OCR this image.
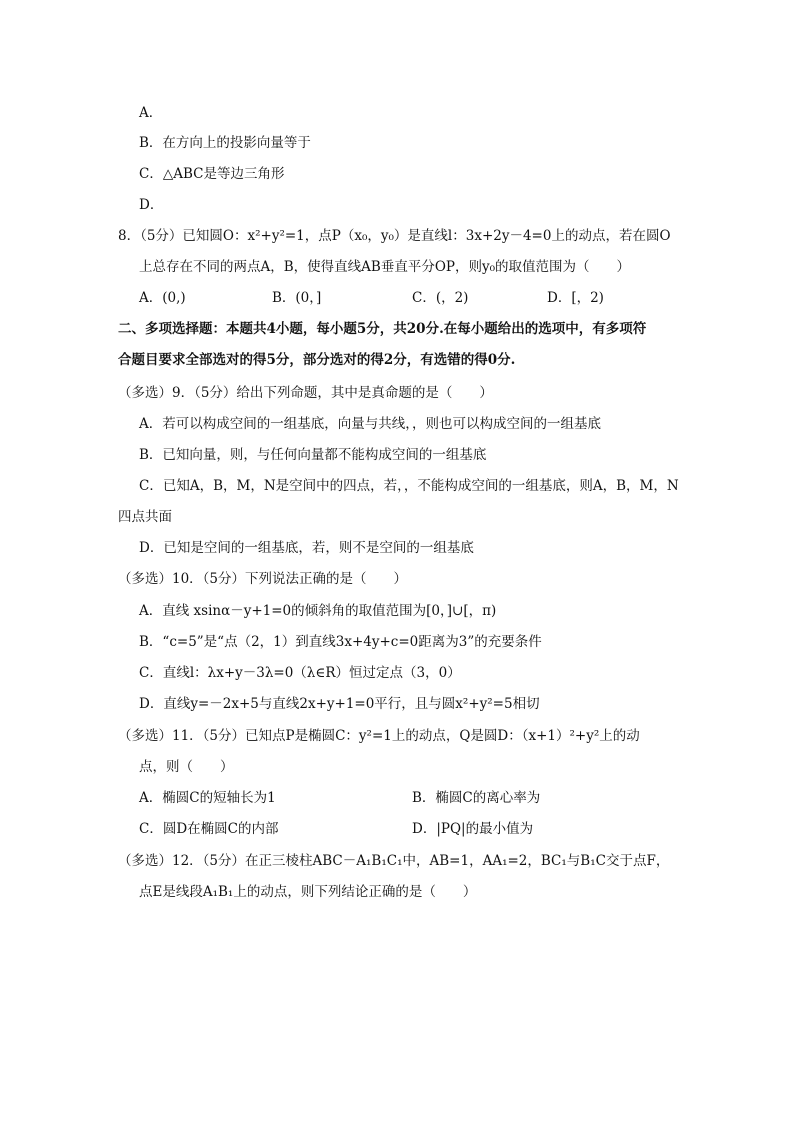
A．
B．在方向上的投影向量等于
C．△ABC是等边三角形
D．
8．（5分）已知圆O：x²+y²=1，点P（x₀，y₀）是直线l：3x+2y－4=0上的动点，若在圆O
上总存在不同的两点A，B，使得直线AB垂直平分OP，则y₀的取值范围为（　　）
A．(0,)	B．(0，]	C．(，2)	D．[，2)
二、多项选择题：本题共4小题，每小题5分，共20分.在每小题给出的选项中，有多项符
合题目要求全部选对的得5分，部分选对的得2分，有选错的得0分.
（多选）9．（5分）给出下列命题，其中是真命题的是（　　）
A．若可以构成空间的一组基底，向量与共线，，则也可以构成空间的一组基底
B．已知向量，则，与任何向量都不能构成空间的一组基底
C．已知A，B，M，N是空间中的四点，若，，不能构成空间的一组基底，则A，B，M，N
四点共面
D．已知是空间的一组基底，若，则不是空间的一组基底
（多选）10．（5分）下列说法正确的是（　　）
A．直线 xsinα－y+1=0的倾斜角的取值范围为[0，]∪[，π)
B．“c=5”是“点（2，1）到直线3x+4y+c=0距离为3”的充要条件
C．直线l：λx+y－3λ=0（λ∈R）恒过定点（3，0）
D．直线y=－2x+5与直线2x+y+1=0平行，且与圆x²+y²=5相切
（多选）11．（5分）已知点P是椭圆C：y²=1上的动点，Q是圆D：（x+1）²+y²上的动
点，则（　　）
A．椭圆C的短轴长为1	B．椭圆C的离心率为
C．圆D在椭圆C的内部	D．|PQ|的最小值为
（多选）12．（5分）在正三棱柱ABC－A₁B₁C₁中，AB=1，AA₁=2，BC₁与B₁C交于点F，
点E是线段A₁B₁上的动点，则下列结论正确的是（　　）
